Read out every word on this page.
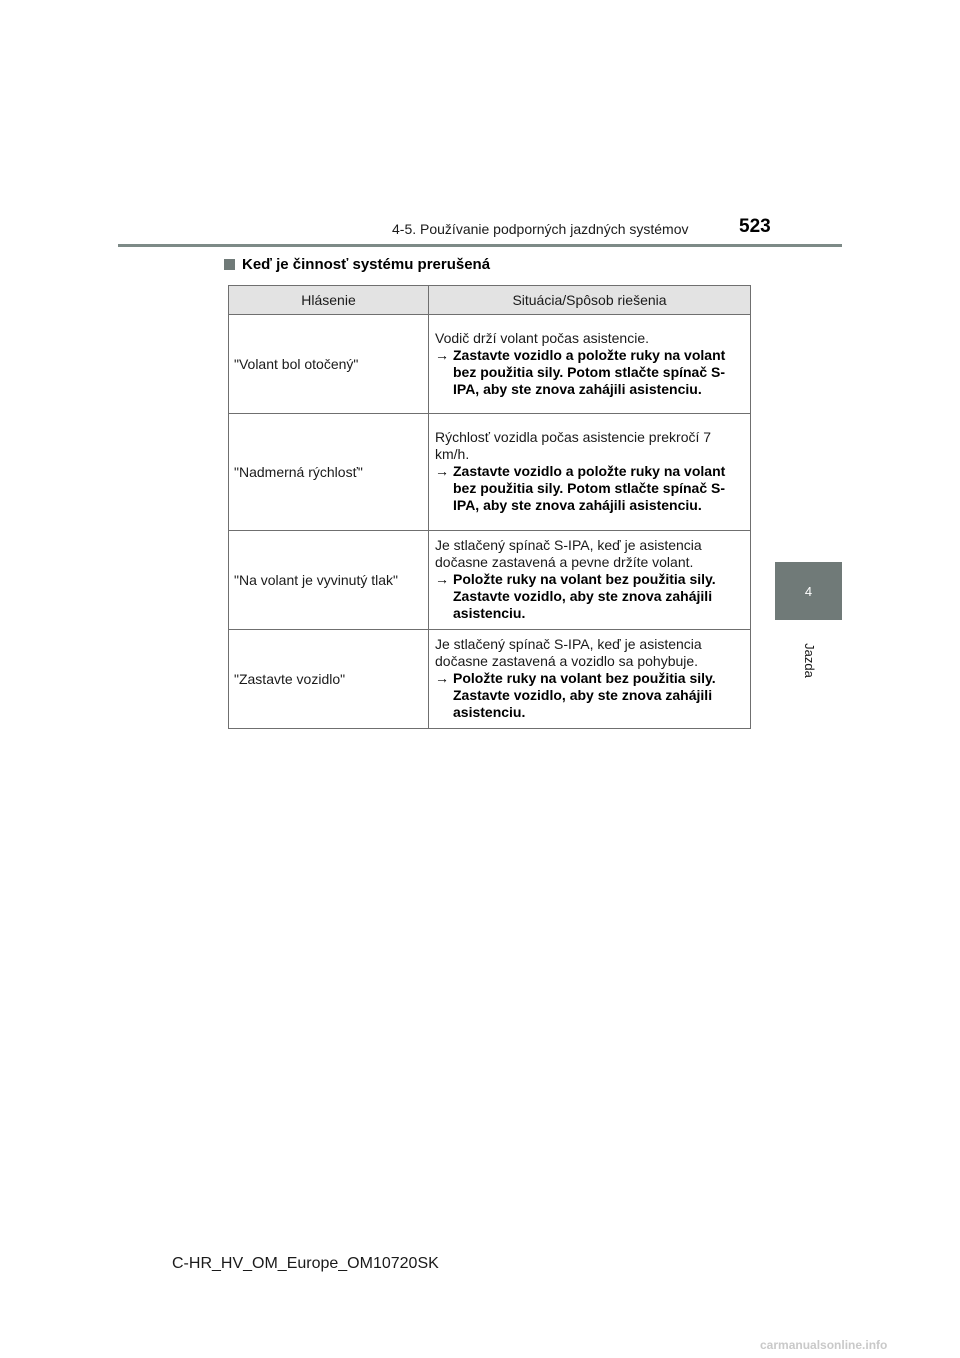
4-5. Používanie podporných jazdných systémov	523
4
Jazda
Keď je činnosť systému prerušená
Hlásenie	Situácia/Spôsob riešenia
"Volant bol otočený"	Vodič drží volant počas asistencie.
→ Zastavte vozidlo a položte ruky na volant bez použitia sily. Potom stlačte spínač S-IPA, aby ste znova zahájili asistenciu.

"Nadmerná rýchlosť"	Rýchlosť vozidla počas asistencie prekročí 7 km/h.
→ Zastavte vozidlo a položte ruky na volant bez použitia sily. Potom stlačte spínač S-IPA, aby ste znova zahájili asistenciu.

"Na volant je vyvinutý tlak"	Je stlačený spínač S-IPA, keď je asistencia dočasne zastavená a pevne držíte volant.
→ Položte ruky na volant bez použitia sily. Zastavte vozidlo, aby ste znova zahájili asistenciu.

"Zastavte vozidlo"	Je stlačený spínač S-IPA, keď je asistencia dočasne zastavená a vozidlo sa pohybuje.
→ Položte ruky na volant bez použitia sily. Zastavte vozidlo, aby ste znova zahájili asistenciu.
C-HR_HV_OM_Europe_OM10720SK
carmanualsonline.info
